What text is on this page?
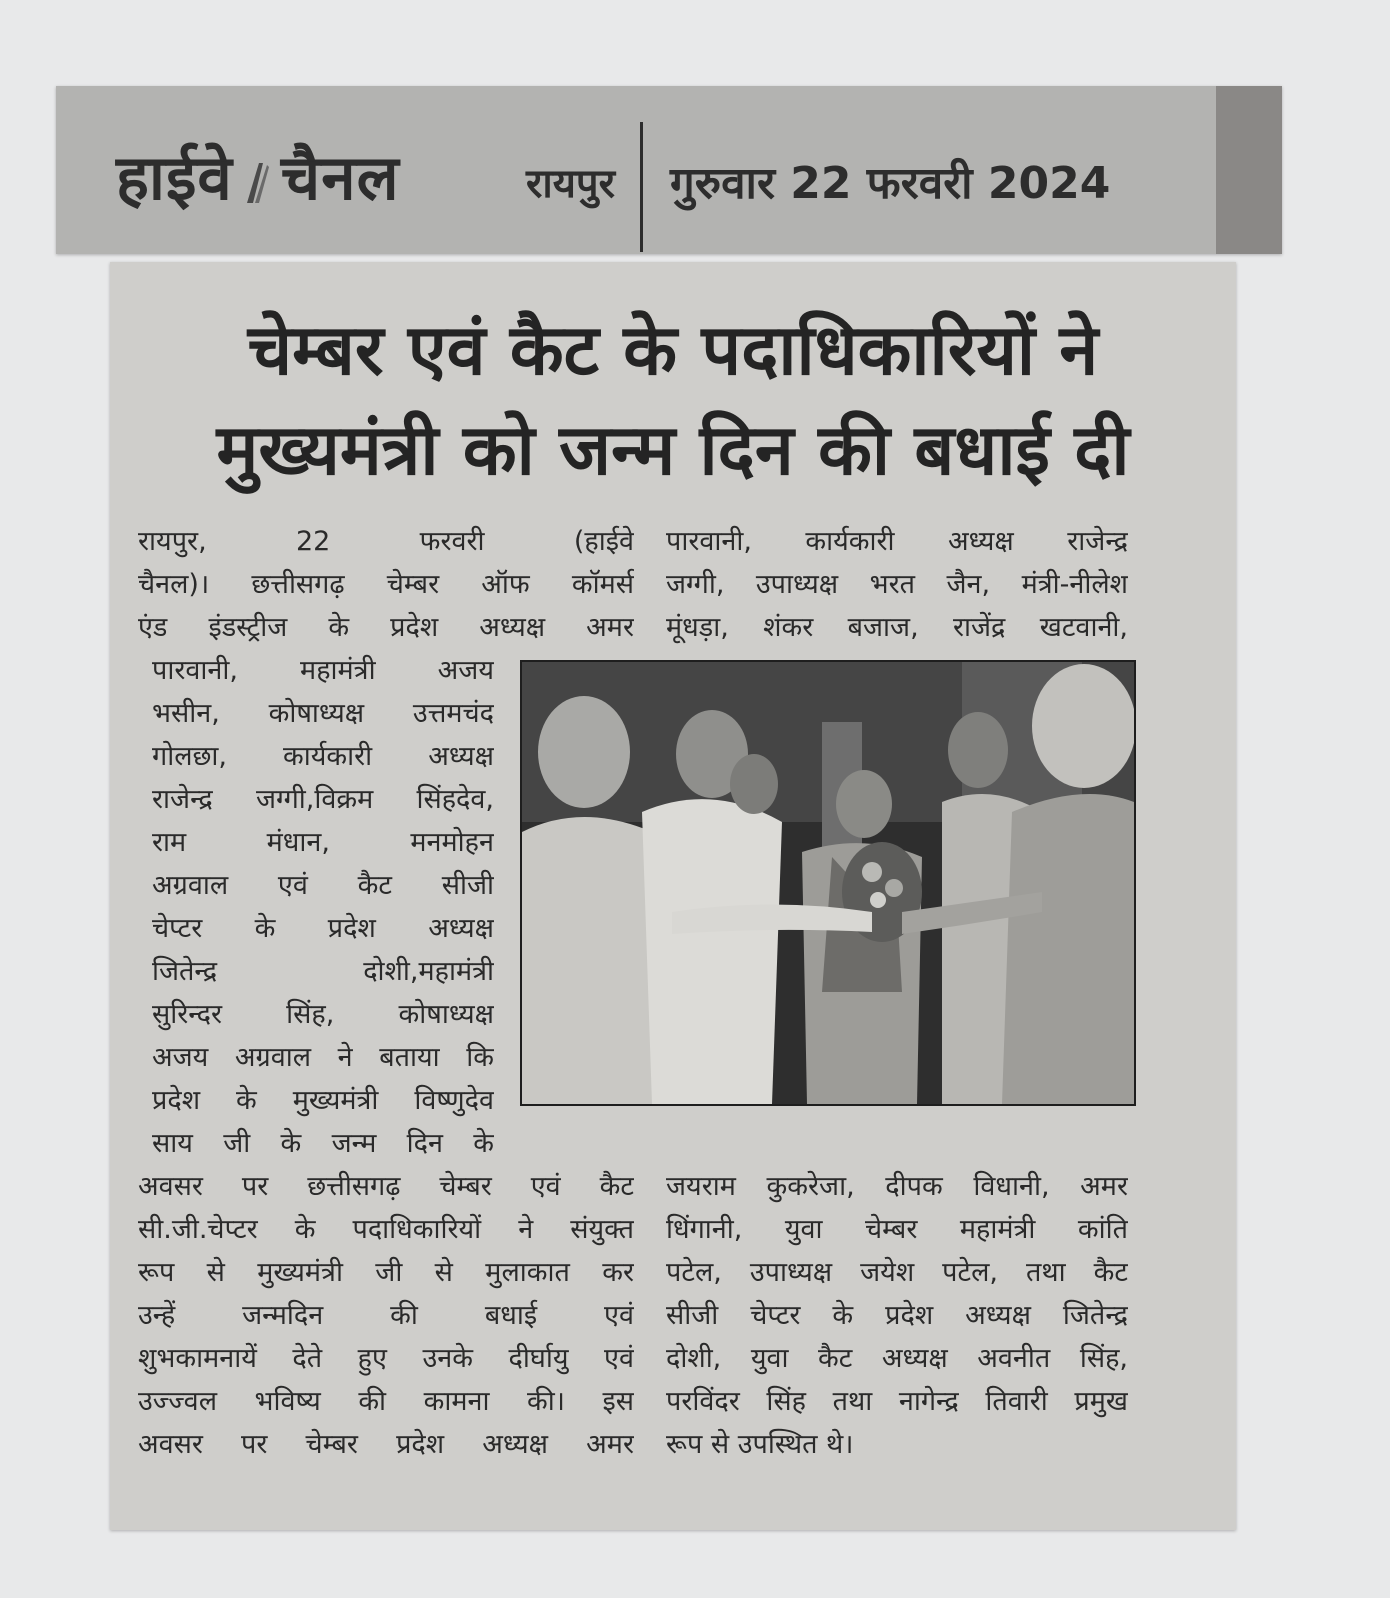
हाईवे चैनल	रायपुर गुरुवार 22 फरवरी 2024
चेम्बर एवं कैट के पदाधिकारियों ने
मुख्यमंत्री को जन्म दिन की बधाई दी
रायपुर, 22 फरवरी (हाईवे
चैनल)। छत्तीसगढ़ चेम्बर ऑफ कॉमर्स
एंड इंडस्ट्रीज के प्रदेश अध्यक्ष अमर
पारवानी, महामंत्री अजय
भसीन, कोषाध्यक्ष उत्तमचंद
गोलछा, कार्यकारी अध्यक्ष
राजेन्द्र जग्गी,विक्रम सिंहदेव,
राम मंधान, मनमोहन
अग्रवाल एवं कैट सीजी
चेप्टर के प्रदेश अध्यक्ष
जितेन्द्र दोशी,महामंत्री
सुरिन्दर सिंह, कोषाध्यक्ष
अजय अग्रवाल ने बताया कि
प्रदेश के मुख्यमंत्री विष्णुदेव
साय जी के जन्म दिन के
अवसर पर छत्तीसगढ़ चेम्बर एवं कैट
सी.जी.चेप्टर के पदाधिकारियों ने संयुक्त
रूप से मुख्यमंत्री जी से मुलाकात कर
उन्हें जन्मदिन की बधाई एवं
शुभकामनायें देते हुए उनके दीर्घायु एवं
उज्ज्वल भविष्य की कामना की। इस
अवसर पर चेम्बर प्रदेश अध्यक्ष अमर
पारवानी, कार्यकारी अध्यक्ष राजेन्द्र
जग्गी, उपाध्यक्ष भरत जैन, मंत्री-नीलेश
मूंधड़ा, शंकर बजाज, राजेंद्र खटवानी,
जयराम कुकरेजा, दीपक विधानी, अमर
धिंगानी, युवा चेम्बर महामंत्री कांति
पटेल, उपाध्यक्ष जयेश पटेल, तथा कैट
सीजी चेप्टर के प्रदेश अध्यक्ष जितेन्द्र
दोशी, युवा कैट अध्यक्ष अवनीत सिंह,
परविंदर सिंह तथा नागेन्द्र तिवारी प्रमुख
रूप से उपस्थित थे।
